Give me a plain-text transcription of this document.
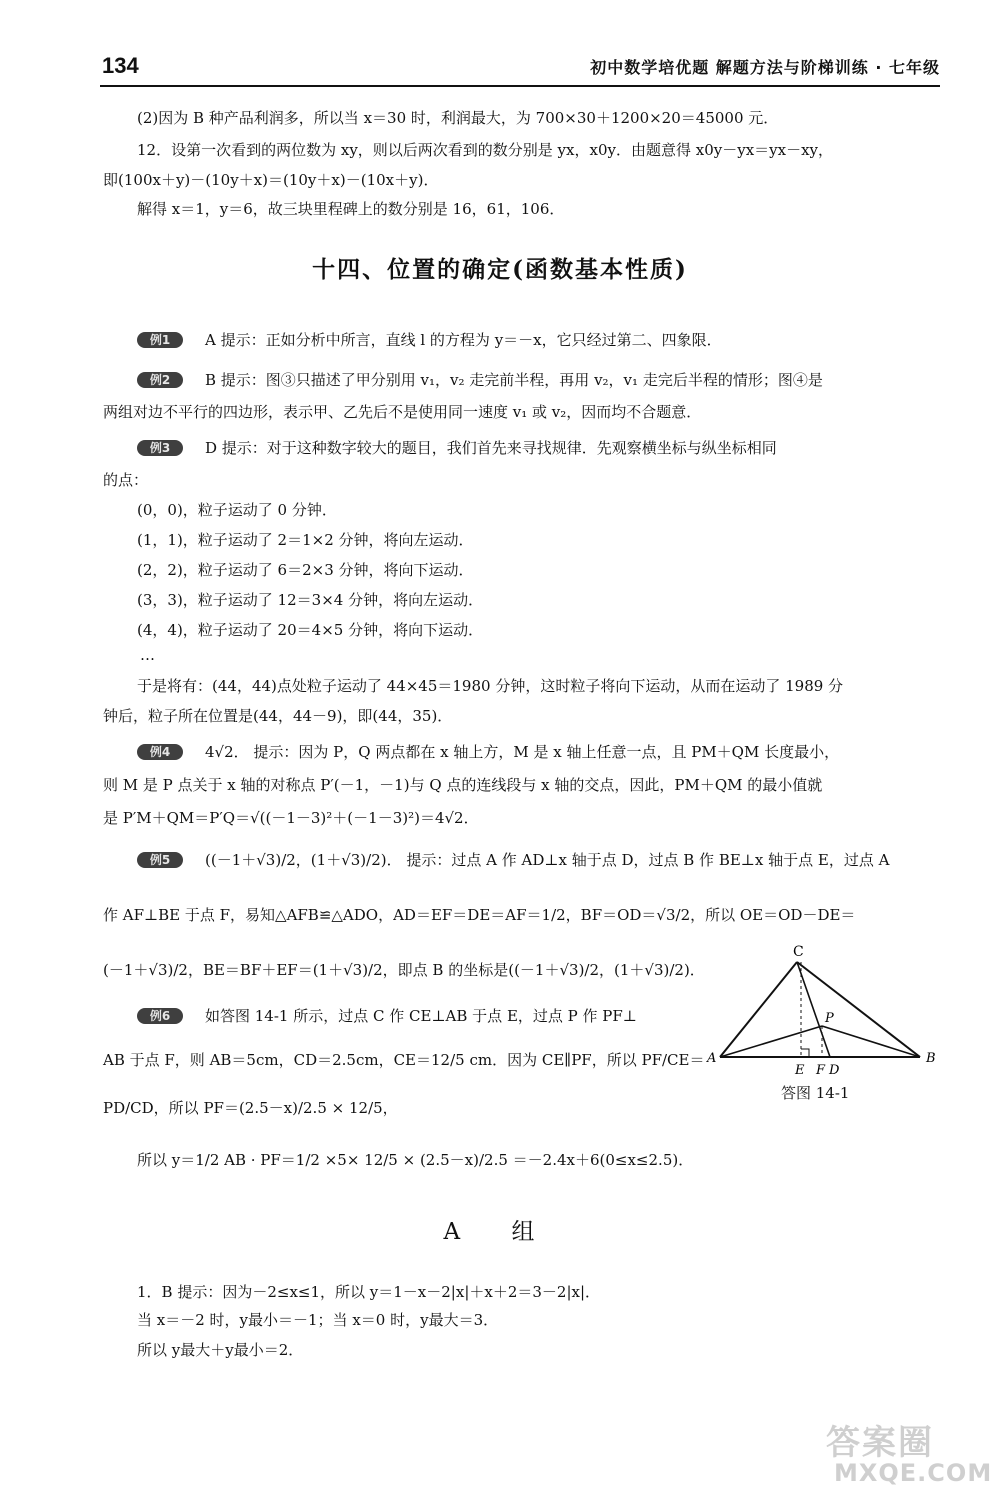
134	初中数学培优题 解题方法与阶梯训练 · 七年级
(2)因为 B 种产品利润多，所以当 x＝30 时，利润最大，为 700×30＋1200×20＝45000 元．
12．设第一次看到的两位数为 xy，则以后两次看到的数分别是 yx，x0y．由题意得 x0y－yx＝yx－xy，
即(100x＋y)－(10y＋x)＝(10y＋x)－(10x＋y)．
解得 x＝1，y＝6，故三块里程碑上的数分别是 16，61，106．
十四、位置的确定(函数基本性质)
例1 A 提示：正如分析中所言，直线 l 的方程为 y＝－x，它只经过第二、四象限．
例2 B 提示：图③只描述了甲分别用 v₁，v₂ 走完前半程，再用 v₂，v₁ 走完后半程的情形；图④是
两组对边不平行的四边形，表示甲、乙先后不是使用同一速度 v₁ 或 v₂，因而均不合题意．
例3 D 提示：对于这种数字较大的题目，我们首先来寻找规律．先观察横坐标与纵坐标相同
的点：
(0，0)，粒子运动了 0 分钟．
(1，1)，粒子运动了 2＝1×2 分钟，将向左运动．
(2，2)，粒子运动了 6＝2×3 分钟，将向下运动．
(3，3)，粒子运动了 12＝3×4 分钟，将向左运动．
(4，4)，粒子运动了 20＝4×5 分钟，将向下运动．
…
于是将有：(44，44)点处粒子运动了 44×45＝1980 分钟，这时粒子将向下运动，从而在运动了 1989 分
钟后，粒子所在位置是(44，44－9)，即(44，35)．
例4 4√2． 提示：因为 P，Q 两点都在 x 轴上方，M 是 x 轴上任意一点，且 PM＋QM 长度最小，
则 M 是 P 点关于 x 轴的对称点 P′(－1，－1)与 Q 点的连线段与 x 轴的交点，因此，PM＋QM 的最小值就
是 P′M＋QM＝P′Q＝√((－1－3)²＋(－1－3)²)＝4√2．
例5 ((－1＋√3)/2，(1＋√3)/2)． 提示：过点 A 作 AD⊥x 轴于点 D，过点 B 作 BE⊥x 轴于点 E，过点 A
作 AF⊥BE 于点 F，易知△AFB≌△ADO，AD＝EF＝DE＝AF＝1/2，BF＝OD＝√3/2，所以 OE＝OD－DE＝
(－1＋√3)/2，BE＝BF＋EF＝(1＋√3)/2，即点 B 的坐标是((－1＋√3)/2，(1＋√3)/2)．
例6 如答图 14-1 所示，过点 C 作 CE⊥AB 于点 E，过点 P 作 PF⊥
AB 于点 F，则 AB＝5cm，CD＝2.5cm，CE＝12/5 cm．因为 CE∥PF，所以 PF/CE＝
PD/CD，所以 PF＝(2.5－x)/2.5 × 12/5，
所以 y＝1/2 AB · PF＝1/2 ×5× 12/5 × (2.5－x)/2.5 ＝－2.4x＋6(0≤x≤2.5)．
C
P
A	B
E F D
答图 14-1
A 组
1．B 提示：因为－2≤x≤1，所以 y＝1－x－2|x|＋x＋2＝3－2|x|．
当 x＝－2 时，y最小＝－1；当 x＝0 时，y最大＝3．
所以 y最大＋y最小＝2．
答案圈
MXQE.COM
